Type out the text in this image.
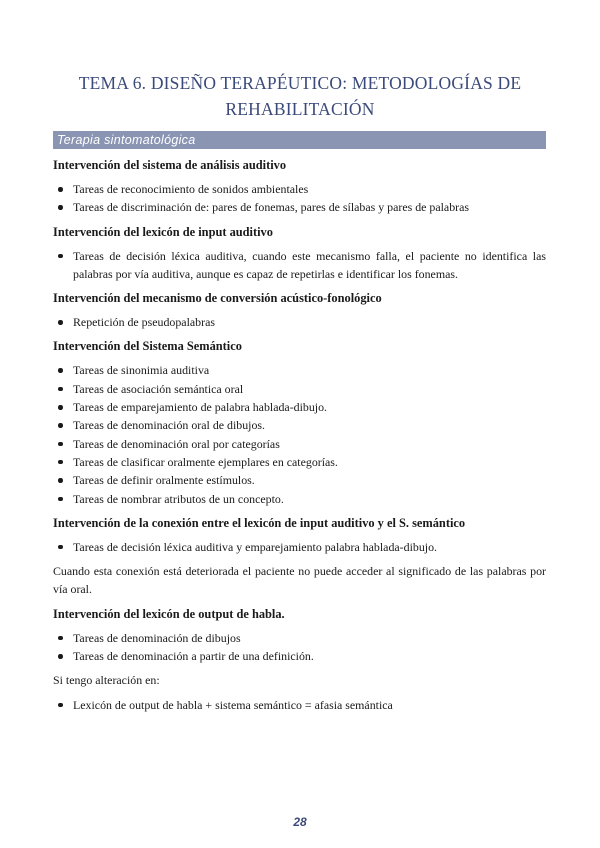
TEMA 6. DISEÑO TERAPÉUTICO: METODOLOGÍAS DE REHABILITACIÓN
Terapia sintomatológica
Intervención del sistema de análisis auditivo
Tareas de reconocimiento de sonidos ambientales
Tareas de discriminación de: pares de fonemas, pares de sílabas y pares de palabras
Intervención del lexicón de input auditivo
Tareas de decisión léxica auditiva, cuando este mecanismo falla, el paciente no identifica las palabras por vía auditiva, aunque es capaz de repetirlas e identificar los fonemas.
Intervención del mecanismo de conversión acústico-fonológico
Repetición de pseudopalabras
Intervención del Sistema Semántico
Tareas de sinonimia auditiva
Tareas de asociación semántica oral
Tareas de emparejamiento de palabra hablada-dibujo.
Tareas de denominación oral de dibujos.
Tareas de denominación oral por categorías
Tareas de clasificar oralmente ejemplares en categorías.
Tareas de definir oralmente estímulos.
Tareas de nombrar atributos de un concepto.
Intervención de la conexión entre el lexicón de input auditivo y el S. semántico
Tareas de decisión léxica auditiva y emparejamiento palabra hablada-dibujo.

Cuando esta conexión está deteriorada el paciente no puede acceder al significado de las palabras por vía oral.

Intervención del lexicón de output de habla.
Tareas de denominación de dibujos
Tareas de denominación a partir de una definición.

Si tengo alteración en:

Lexicón de output de habla + sistema semántico = afasia semántica
28
